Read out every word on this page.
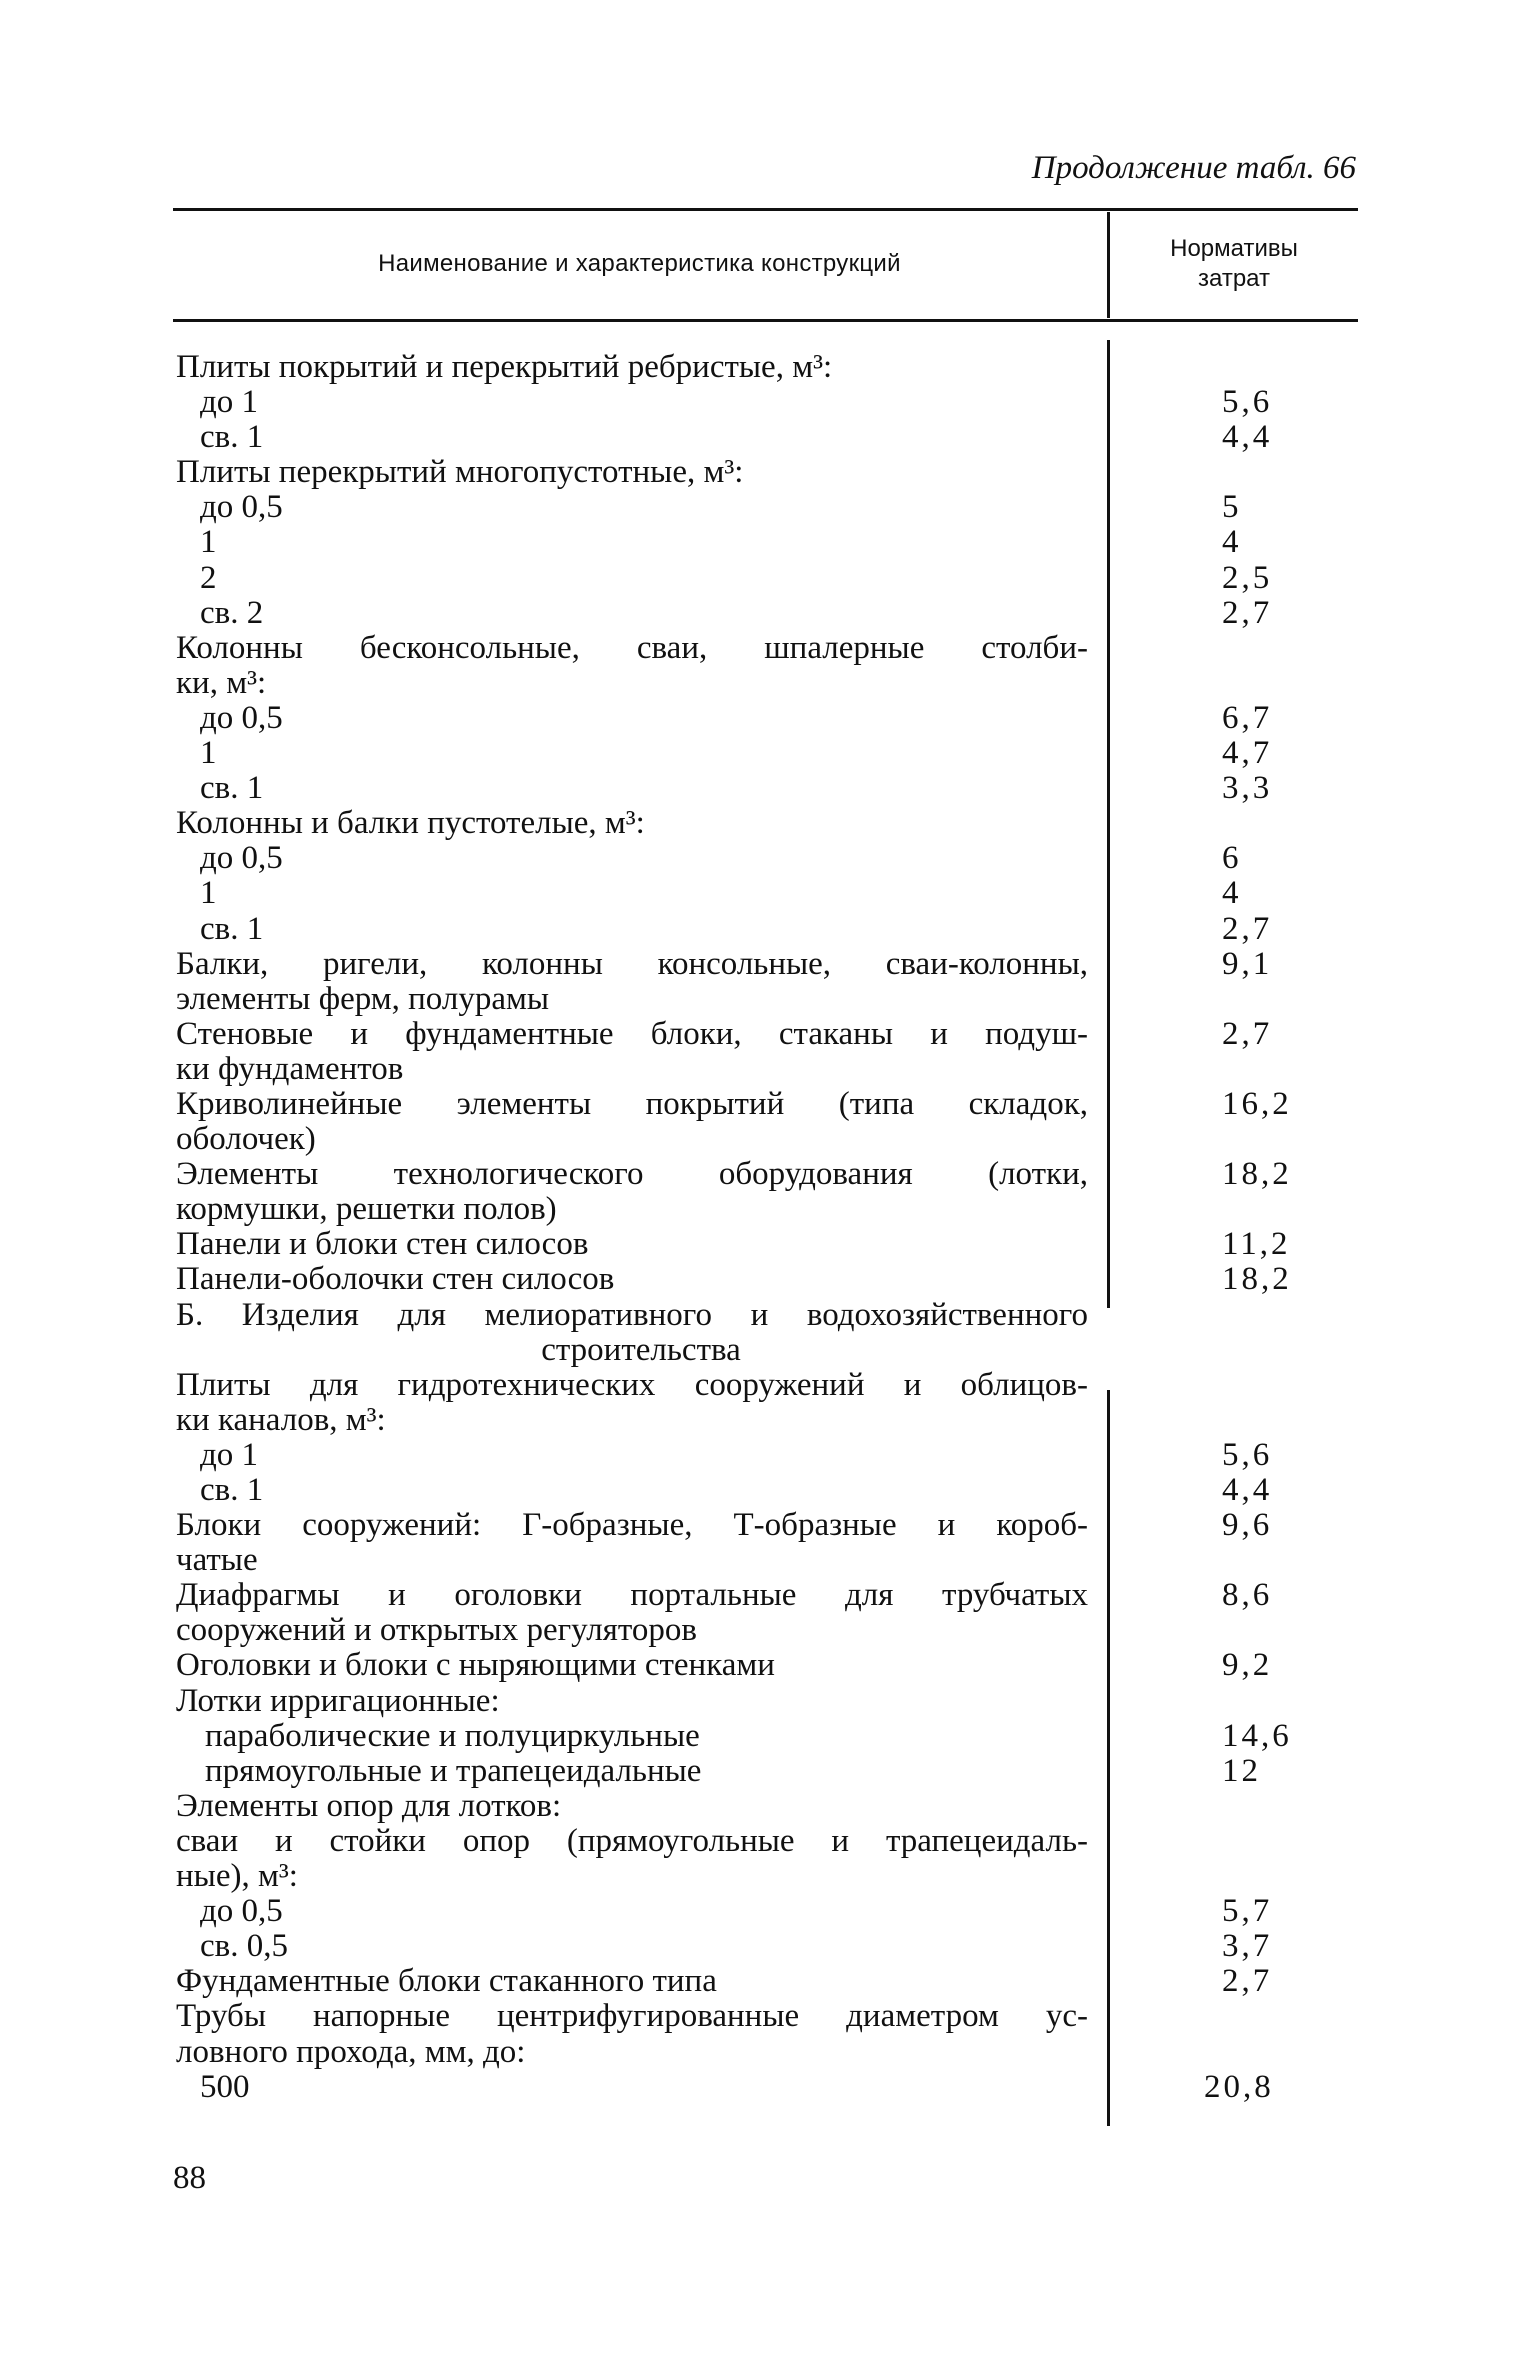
Продолжение табл. 66
Наименование и характеристика конструкций
Нормативы
затрат
Плиты покрытий и перекрытий ребристые, м³:
до 1	5,6
св. 1	4,4
Плиты перекрытий многопустотные, м³:
до 0,5	5
1	4
2	2,5
св. 2	2,7
Колонны бесконсольные, сваи, шпалерные столби-
ки, м³:
до 0,5	6,7
1	4,7
св. 1	3,3
Колонны и балки пустотелые, м³:
до 0,5	6
1	4
св. 1	2,7
Балки, ригели, колонны консольные, сваи-колонны,	9,1
элементы ферм, полурамы
Стеновые и фундаментные блоки, стаканы и подуш-	2,7
ки фундаментов
Криволинейные элементы покрытий (типа складок,	16,2
оболочек)
Элементы технологического оборудования (лотки,	18,2
кормушки, решетки полов)
Панели и блоки стен силосов	11,2
Панели-оболочки стен силосов	18,2
Б. Изделия для мелиоративного и водохозяйственного
строительства
Плиты для гидротехнических сооружений и облицов-
ки каналов, м³:
до 1	5,6
св. 1	4,4
Блоки сооружений: Г-образные, Т-образные и короб-	9,6
чатые
Диафрагмы и оголовки портальные для трубчатых	8,6
сооружений и открытых регуляторов
Оголовки и блоки с ныряющими стенками	9,2
Лотки ирригационные:
параболические и полуциркульные	14,6
прямоугольные и трапецеидальные	12
Элементы опор для лотков:
сваи и стойки опор (прямоугольные и трапецеидаль-
ные), м³:
до 0,5	5,7
св. 0,5	3,7
Фундаментные блоки стаканного типа	2,7
Трубы напорные центрифугированные диаметром ус-
ловного прохода, мм, до:
500	20,8
88
